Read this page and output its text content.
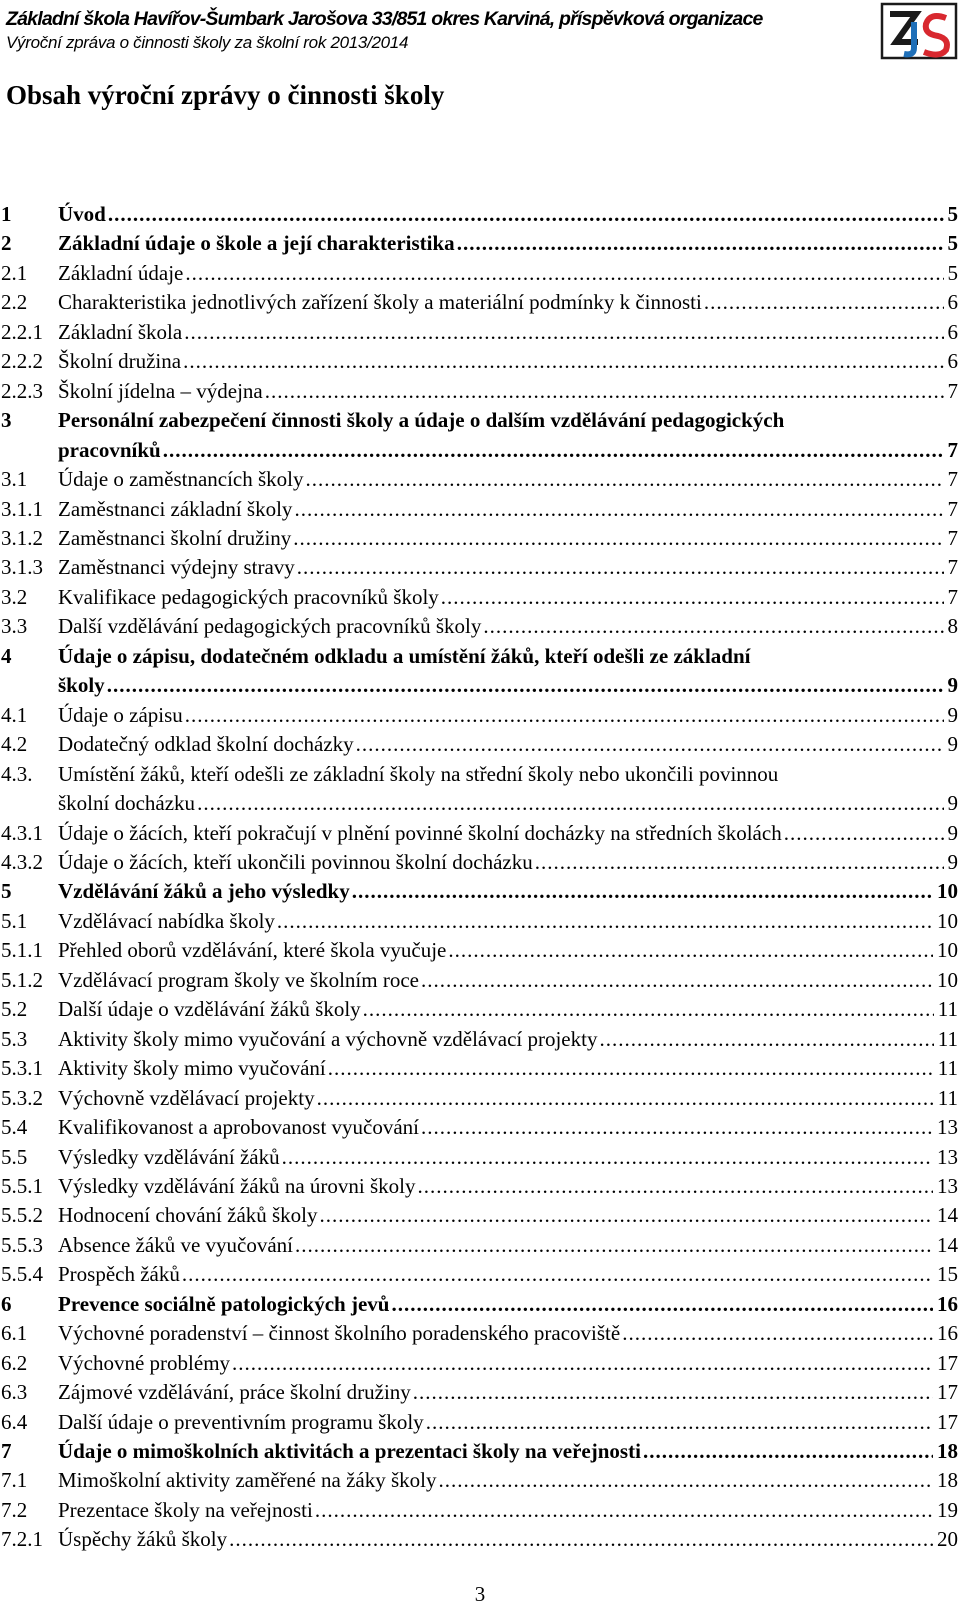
Základní škola Havířov-Šumbark Jarošova 33/851 okres Karviná, příspěvková organizace
Výroční zpráva o činnosti školy za školní rok 2013/2014
Obsah výroční zprávy o činnosti školy
1 Úvod .....	5
2 Základní údaje o škole a její charakteristika .....	5
2.1 Základní údaje .....	5
2.2 Charakteristika jednotlivých zařízení školy a materiální podmínky k činnosti .....	6
2.2.1 Základní škola .....	6
2.2.2 Školní družina .....	6
2.2.3 Školní jídelna – výdejna .....	7
3 Personální zabezpečení činnosti školy a údaje o dalším vzdělávání pedagogických
pracovníků .....	7
3.1 Údaje o zaměstnancích školy .....	7
3.1.1 Zaměstnanci základní školy .....	7
3.1.2 Zaměstnanci školní družiny .....	7
3.1.3 Zaměstnanci výdejny stravy .....	7
3.2 Kvalifikace pedagogických pracovníků školy .....	7
3.3 Další vzdělávání pedagogických pracovníků školy .....	8
4 Údaje o zápisu, dodatečném odkladu a umístění žáků, kteří odešli ze základní
školy .....	9
4.1 Údaje o zápisu .....	9
4.2 Dodatečný odklad školní docházky .....	9
4.3. Umístění žáků, kteří odešli ze základní školy na střední školy nebo ukončili povinnou
školní docházku .....	9
4.3.1 Údaje o žácích, kteří pokračují v plnění povinné školní docházky na středních školách .....	9
4.3.2 Údaje o žácích, kteří ukončili povinnou školní docházku .....	9
5 Vzdělávání žáků a jeho výsledky .....	10
5.1 Vzdělávací nabídka školy .....	10
5.1.1 Přehled oborů vzdělávání, které škola vyučuje .....	10
5.1.2 Vzdělávací program školy ve školním roce .....	10
5.2 Další údaje o vzdělávání žáků školy .....	11
5.3 Aktivity školy mimo vyučování a výchovně vzdělávací projekty .....	11
5.3.1 Aktivity školy mimo vyučování .....	11
5.3.2 Výchovně vzdělávací projekty .....	11
5.4 Kvalifikovanost a aprobovanost vyučování .....	13
5.5 Výsledky vzdělávání žáků .....	13
5.5.1 Výsledky vzdělávání žáků na úrovni školy .....	13
5.5.2 Hodnocení chování žáků školy .....	14
5.5.3 Absence žáků ve vyučování .....	14
5.5.4 Prospěch žáků .....	15
6 Prevence sociálně patologických jevů .....	16
6.1 Výchovné poradenství – činnost školního poradenského pracoviště .....	16
6.2 Výchovné problémy .....	17
6.3 Zájmové vzdělávání, práce školní družiny .....	17
6.4 Další údaje o preventivním programu školy .....	17
7 Údaje o mimoškolních aktivitách a prezentaci školy na veřejnosti .....	18
7.1 Mimoškolní aktivity zaměřené na žáky školy .....	18
7.2 Prezentace školy na veřejnosti .....	19
7.2.1 Úspěchy žáků školy .....	20
3
